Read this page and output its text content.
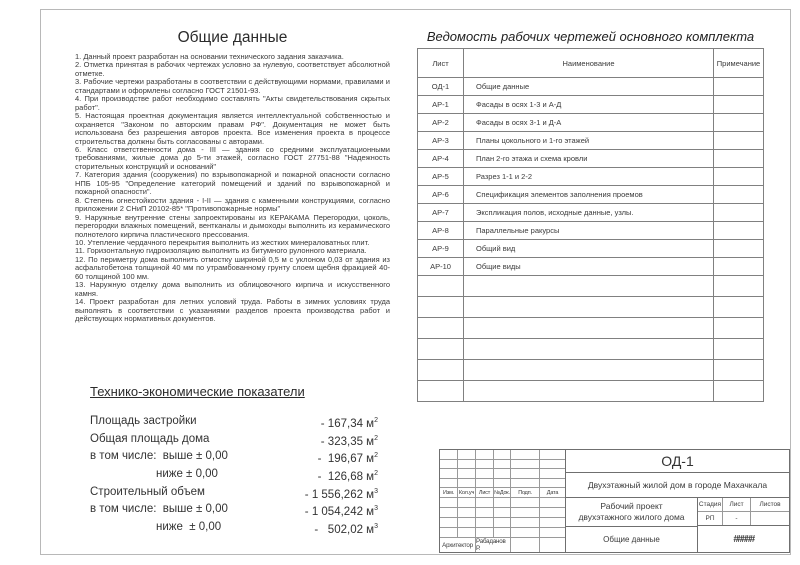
Общие данные

1. Данный проект разработан на основании технического задания заказчика.

2. Отметка принятая в рабочих чертежах условно за нулевую, соответствует абсолютной отметке.

3. Рабочие чертежи разработаны в соответствии с действующими нормами, правилами и стандартами и оформлены согласно ГОСТ 21501-93.

4. При производстве работ необходимо составлять "Акты свидетельствования скрытых работ".

5. Настоящая проектная документация является интеллектуальной собственностью и охраняется "Законом по авторским правам РФ". Документация не может быть использована без разрешения авторов проекта. Все изменения проекта в процессе строительства должны быть согласованы с авторами.

6. Класс ответственности дома - III — здания со средними эксплуатационными требованиями, жилые дома до 5-ти этажей, согласно ГОСТ 27751-88 "Надежность сторительных конструкций и оснований"

7. Категория здания (сооружения) по взрывопожарной и пожарной опасности согласно НПБ 105-95 "Определение категорий помещений и зданий по взрывопожарной и пожарной опасности".

8. Степень огнестойкости здания - I-II — здания с каменными конструкциями, согласно приложении 2 СНиП 20102-85* "Противопожарные нормы"

9. Наружные внутренние стены запроектированы из КЕРАКАМА Перегородки, цоколь, перегородки влажных помещений, вентканалы и дымоходы выполнить из керамического полнотелого кирпича пластического прессования.

10. Утепление чердачного перекрытия выполнить из жестких минераловатных плит.

11. Горизонтальную гидроизоляцию выполнить из битумного рулонного материала.

12. По периметру дома выполнить отмостку шириной 0,5 м с уклоном 0,03 от здания из асфальтобетона толщиной 40 мм по утрамбованному грунту слоем щебня фракцией 40-60 толщиной 100 мм.

13. Наружную отделку дома выполнить из облицовочного кирпича и искусственного камня.

14. Проект разработан для летних условий труда. Работы в зимних условиях труда выполнять в соответствии с указаниями разделов проекта производства работ и действующих нормативных документов.

Технико-экономические показатели
Площадь застройки	- 167,34 $м^2$
Общая площадь дома	- 323,35 $м^2$
в том числе:  выше ± 0,00	-  196,67 $м^2$
ниже ± 0,00	-  126,68 $м^2$
Строительный объем	- 1 556,262 $м^3$
в том числе:  выше ± 0,00	- 1 054,242 $м^3$
ниже  ± 0,00	-   502,02 $м^3$
Ведомость рабочих чертежей основного комплекта
Лист	Наименование	Примечание
ОД-1	Общие данные	
АР-1	Фасады в осях 1-3 и А-Д	
АР-2	Фасады в осях 3-1 и Д-А	
АР-3	Планы цокольного и 1-го этажей	
АР-4	План 2-го этажа и схема кровли	
АР-5	Разрез 1-1 и 2-2	
АР-6	Спецификация элементов заполнения проемов	
АР-7	Экспликация полов, исходные данные, узлы.	
АР-8	Параллельные ракурсы	
АР-9	Общий вид	
АР-10	Общие виды	

Изм. Кол.уч Лист №Док.	Подп.	Дата
Архитектор Рабаданов Р.
ОД-1
Двухэтажный жилой дом в городе Махачкала
Рабочий проект двухэтажного жилого дома
Общие данные
Стадия	Лист	Листов
РП	-
#####
